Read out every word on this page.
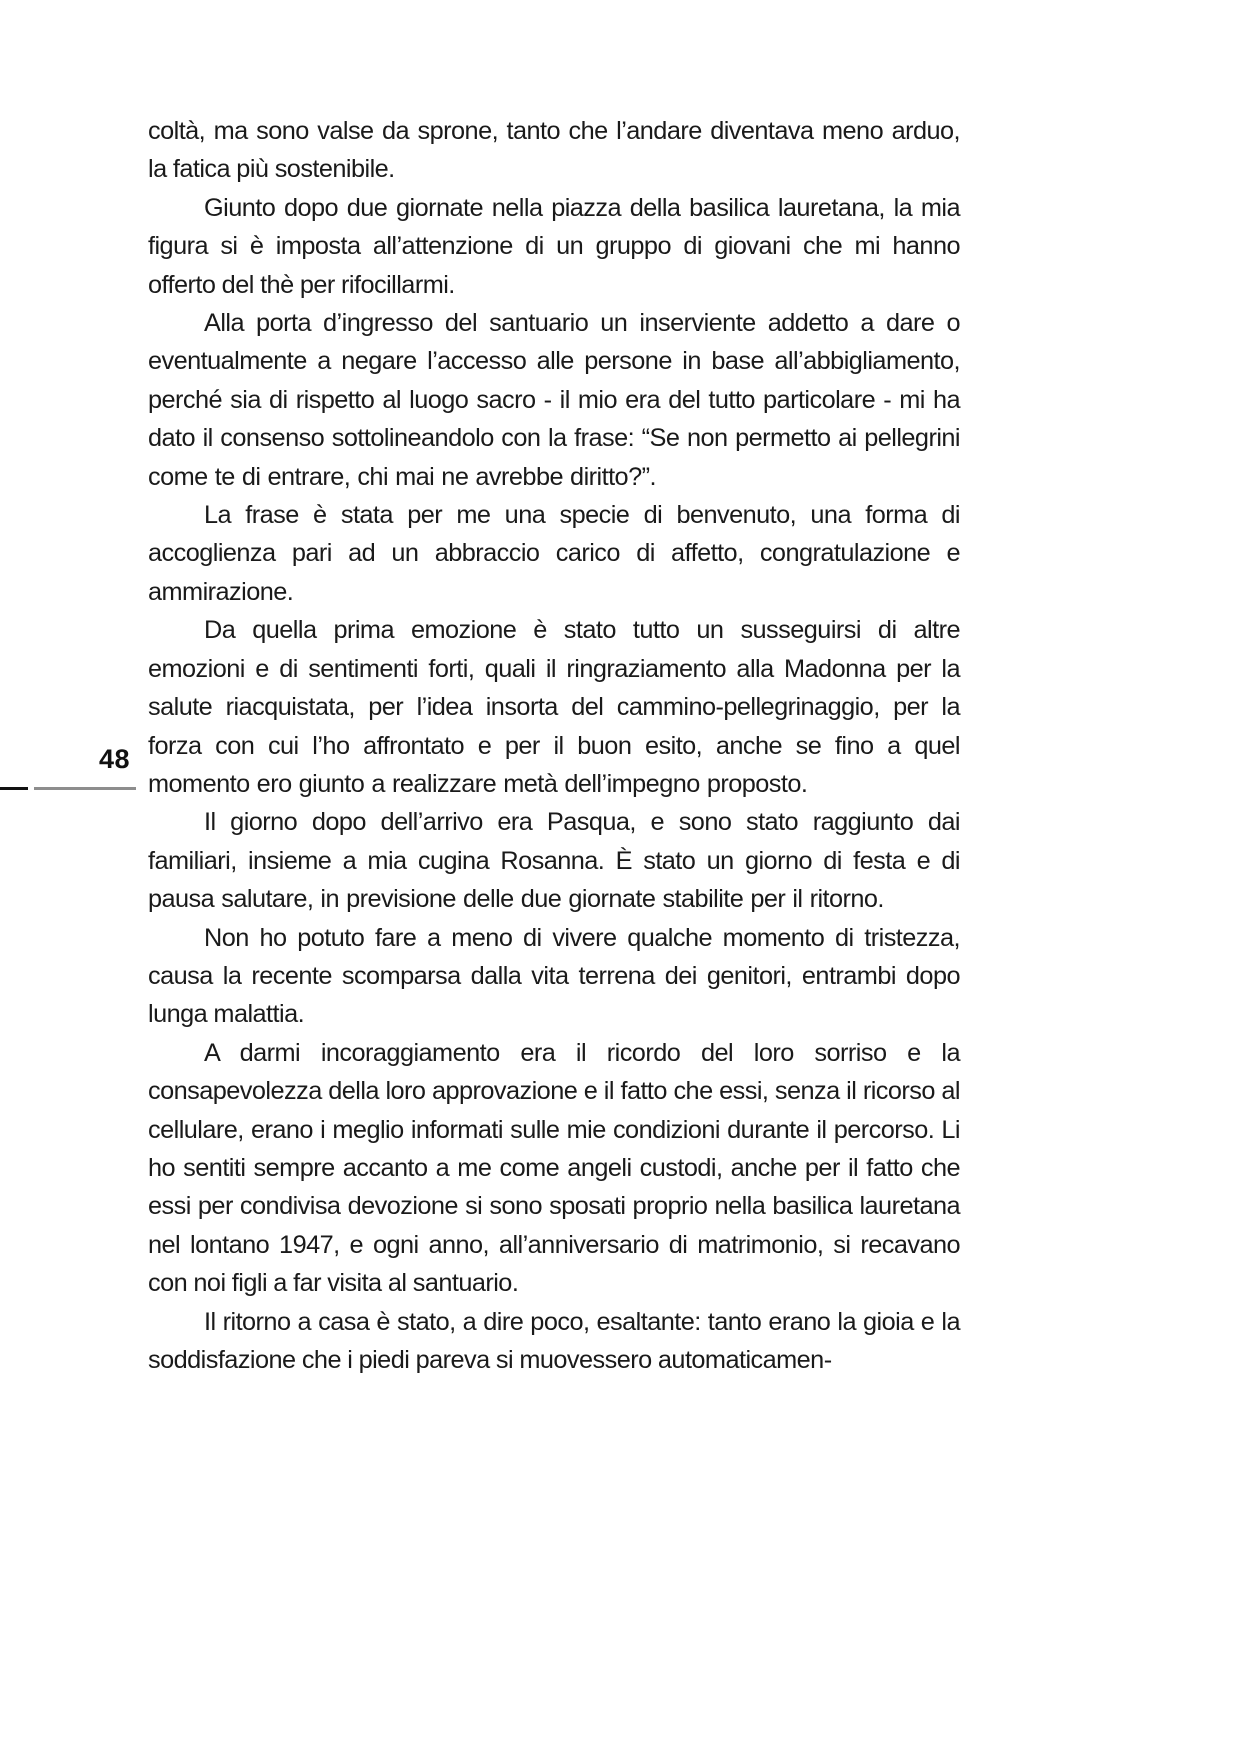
48

coltà, ma sono valse da sprone, tanto che l’andare diventava meno arduo, la fatica più sostenibile.

Giunto dopo due giornate nella piazza della basilica lauretana, la mia figura si è imposta all’attenzione di un gruppo di giovani che mi hanno offerto del thè per rifocillarmi.

Alla porta d’ingresso del santuario un inserviente addetto a dare o eventualmente a negare l’accesso alle persone in base all’abbigliamento, perché sia di rispetto al luogo sacro - il mio era del tutto particolare - mi ha dato il consenso sottolineandolo con la frase: “Se non permetto ai pellegrini come te di entrare, chi mai ne avrebbe diritto?”.

La frase è stata per me una specie di benvenuto, una forma di accoglienza pari ad un abbraccio carico di affetto, congratulazione e ammirazione.

Da quella prima emozione è stato tutto un susseguirsi di altre emozioni e di sentimenti forti, quali il ringraziamento alla Madonna per la salute riacquistata, per l’idea insorta del cammino-pellegrinaggio, per la forza con cui l’ho affrontato e per il buon esito, anche se fino a quel momento ero giunto a realizzare metà dell’impegno proposto.

Il giorno dopo dell’arrivo era Pasqua, e sono stato raggiunto dai familiari, insieme a mia cugina Rosanna. È stato un giorno di festa e di pausa salutare, in previsione delle due giornate stabilite per il ritorno.

Non ho potuto fare a meno di vivere qualche momento di tristezza, causa la recente scomparsa dalla vita terrena dei genitori, entrambi dopo lunga malattia.

A darmi incoraggiamento era il ricordo del loro sorriso e la consapevolezza della loro approvazione e il fatto che essi, senza il ricorso al cellulare, erano i meglio informati sulle mie condizioni durante il percorso. Li ho sentiti sempre accanto a me come angeli custodi, anche per il fatto che essi per condivisa devozione si sono sposati proprio nella basilica lauretana nel lontano 1947, e ogni anno, all’anniversario di matrimonio, si recavano con noi figli a far visita al santuario.

Il ritorno a casa è stato, a dire poco, esaltante: tanto erano la gioia e la soddisfazione che i piedi pareva si muovessero automaticamen-
